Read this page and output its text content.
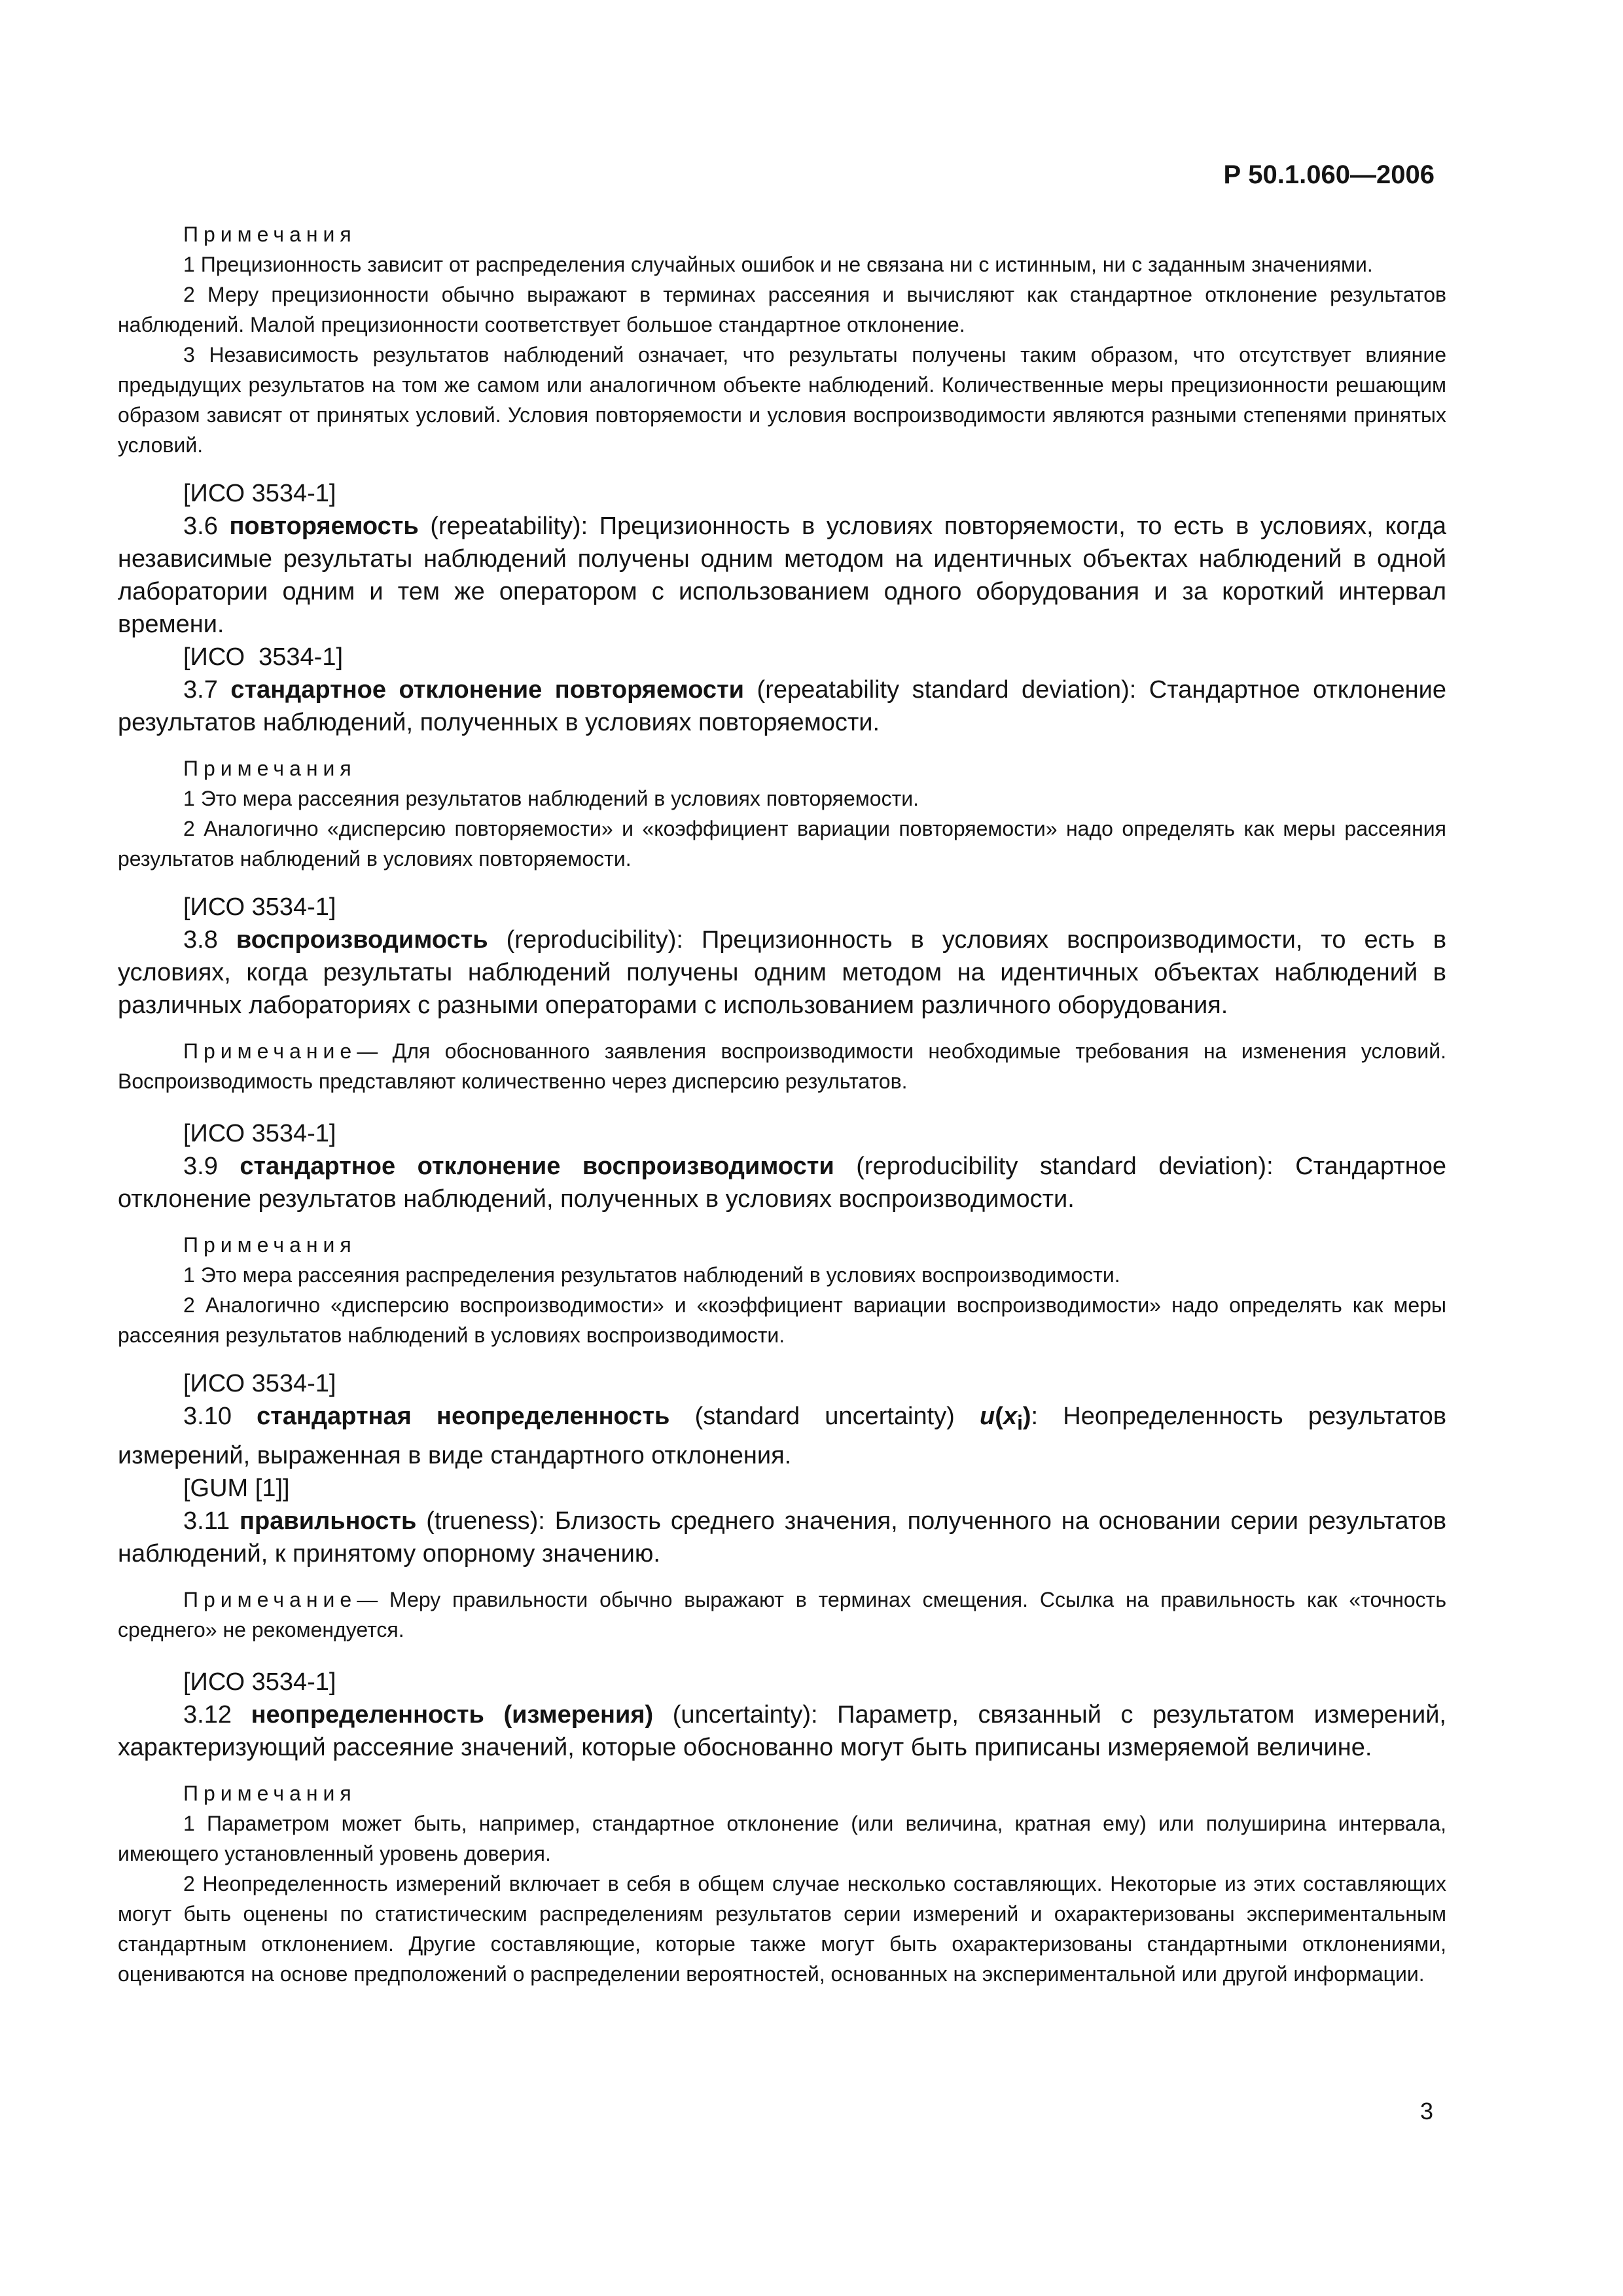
Р 50.1.060—2006
Примечания

1 Прецизионность зависит от распределения случайных ошибок и не связана ни с истинным, ни с заданным значениями.

2 Меру прецизионности обычно выражают в терминах рассеяния и вычисляют как стандартное отклонение результатов наблюдений. Малой прецизионности соответствует большое стандартное отклонение.

3 Независимость результатов наблюдений означает, что результаты получены таким образом, что отсутствует влияние предыдущих результатов на том же самом или аналогичном объекте наблюдений. Количественные меры прецизионности решающим образом зависят от принятых условий. Условия повторяемости и условия воспроизводимости являются разными степенями принятых условий.

[ИСО 3534-1]

3.6 повторяемость (repeatability): Прецизионность в условиях повторяемости, то есть в условиях, когда независимые результаты наблюдений получены одним методом на идентичных объектах наблюдений в одной лаборатории одним и тем же оператором с использованием одного оборудования и за короткий интервал времени.

[ИСО  3534-1]

3.7 стандартное отклонение повторяемости (repeatability standard deviation): Стандартное отклонение результатов наблюдений, полученных в условиях повторяемости.

Примечания

1 Это мера рассеяния результатов наблюдений в условиях повторяемости.

2 Аналогично «дисперсию повторяемости» и «коэффициент вариации повторяемости» надо определять как меры рассеяния результатов наблюдений в условиях повторяемости.

[ИСО 3534-1]

3.8 воспроизводимость (reproducibility): Прецизионность в условиях воспроизводимости, то есть в условиях, когда результаты наблюдений получены одним методом на идентичных объектах наблюдений в различных лабораториях с разными операторами с использованием различного оборудования.

Примечание— Для обоснованного заявления воспроизводимости необходимые требования на изменения условий. Воспроизводимость представляют количественно через дисперсию результатов.

[ИСО 3534-1]

3.9 стандартное отклонение воспроизводимости (reproducibility standard deviation): Стандартное отклонение результатов наблюдений, полученных в условиях воспроизводимости.

Примечания

1 Это мера рассеяния распределения результатов наблюдений в условиях воспроизводимости.

2 Аналогично «дисперсию воспроизводимости» и «коэффициент вариации воспроизводимости» надо определять как меры рассеяния результатов наблюдений в условиях воспроизводимости.

[ИСО 3534-1]

3.10 стандартная неопределенность (standard uncertainty) $u(x_i)$: Неопределенность результатов измерений, выраженная в виде стандартного отклонения.

[GUM [1]]

3.11 правильность (trueness): Близость среднего значения, полученного на основании серии результатов наблюдений, к принятому опорному значению.

Примечание— Меру правильности обычно выражают в терминах смещения. Ссылка на правильность как «точность среднего» не рекомендуется.

[ИСО 3534-1]

3.12 неопределенность (измерения) (uncertainty): Параметр, связанный с результатом измерений, характеризующий рассеяние значений, которые обоснованно могут быть приписаны измеряемой величине.

Примечания

1 Параметром может быть, например, стандартное отклонение (или величина, кратная ему) или полуширина интервала, имеющего установленный уровень доверия.

2 Неопределенность измерений включает в себя в общем случае несколько составляющих. Некоторые из этих составляющих могут быть оценены по статистическим распределениям результатов серии измерений и охарактеризованы экспериментальным стандартным отклонением. Другие составляющие, которые также могут быть охарактеризованы стандартными отклонениями, оцениваются на основе предположений о распределении вероятностей, основанных на экспериментальной или другой информации.

3
